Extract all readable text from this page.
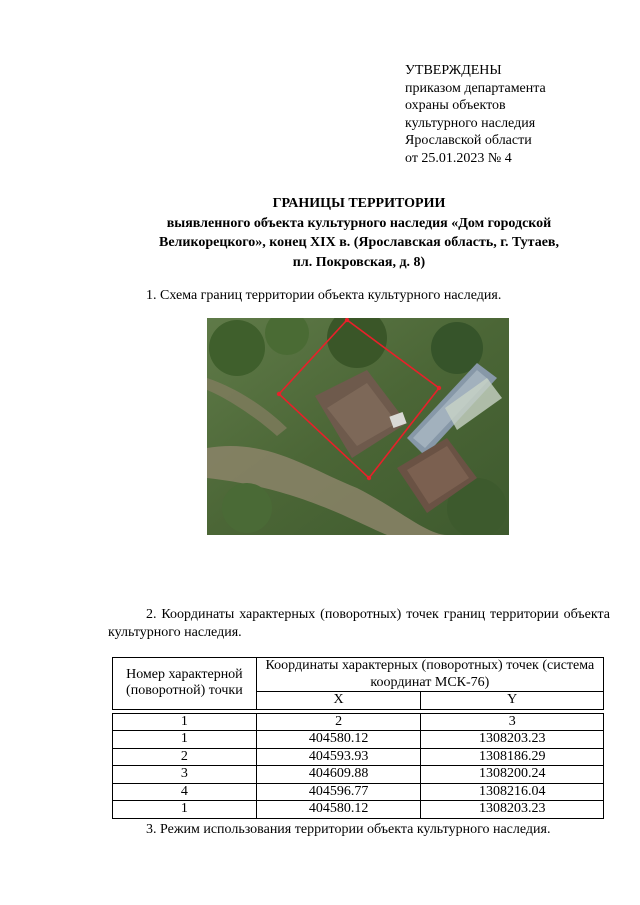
УТВЕРЖДЕНЫ
приказом департамента
охраны объектов
культурного наследия
Ярославской области
от 25.01.2023 № 4
ГРАНИЦЫ ТЕРРИТОРИИ
выявленного объекта культурного наследия «Дом городской
Великорецкого», конец XIX в. (Ярославская область, г. Тутаев,
пл. Покровская, д. 8)
1. Схема границ территории объекта культурного наследия.
2. Координаты характерных (поворотных) точек границ территории объекта культурного наследия.
Номер характерной (поворотной) точки	Координаты характерных (поворотных) точек (система координат МСК-76)	
	X	Y

1	2	3
1	404580.12	1308203.23
2	404593.93	1308186.29
3	404609.88	1308200.24
4	404596.77	1308216.04
1	404580.12	1308203.23
3. Режим использования территории объекта культурного наследия.
